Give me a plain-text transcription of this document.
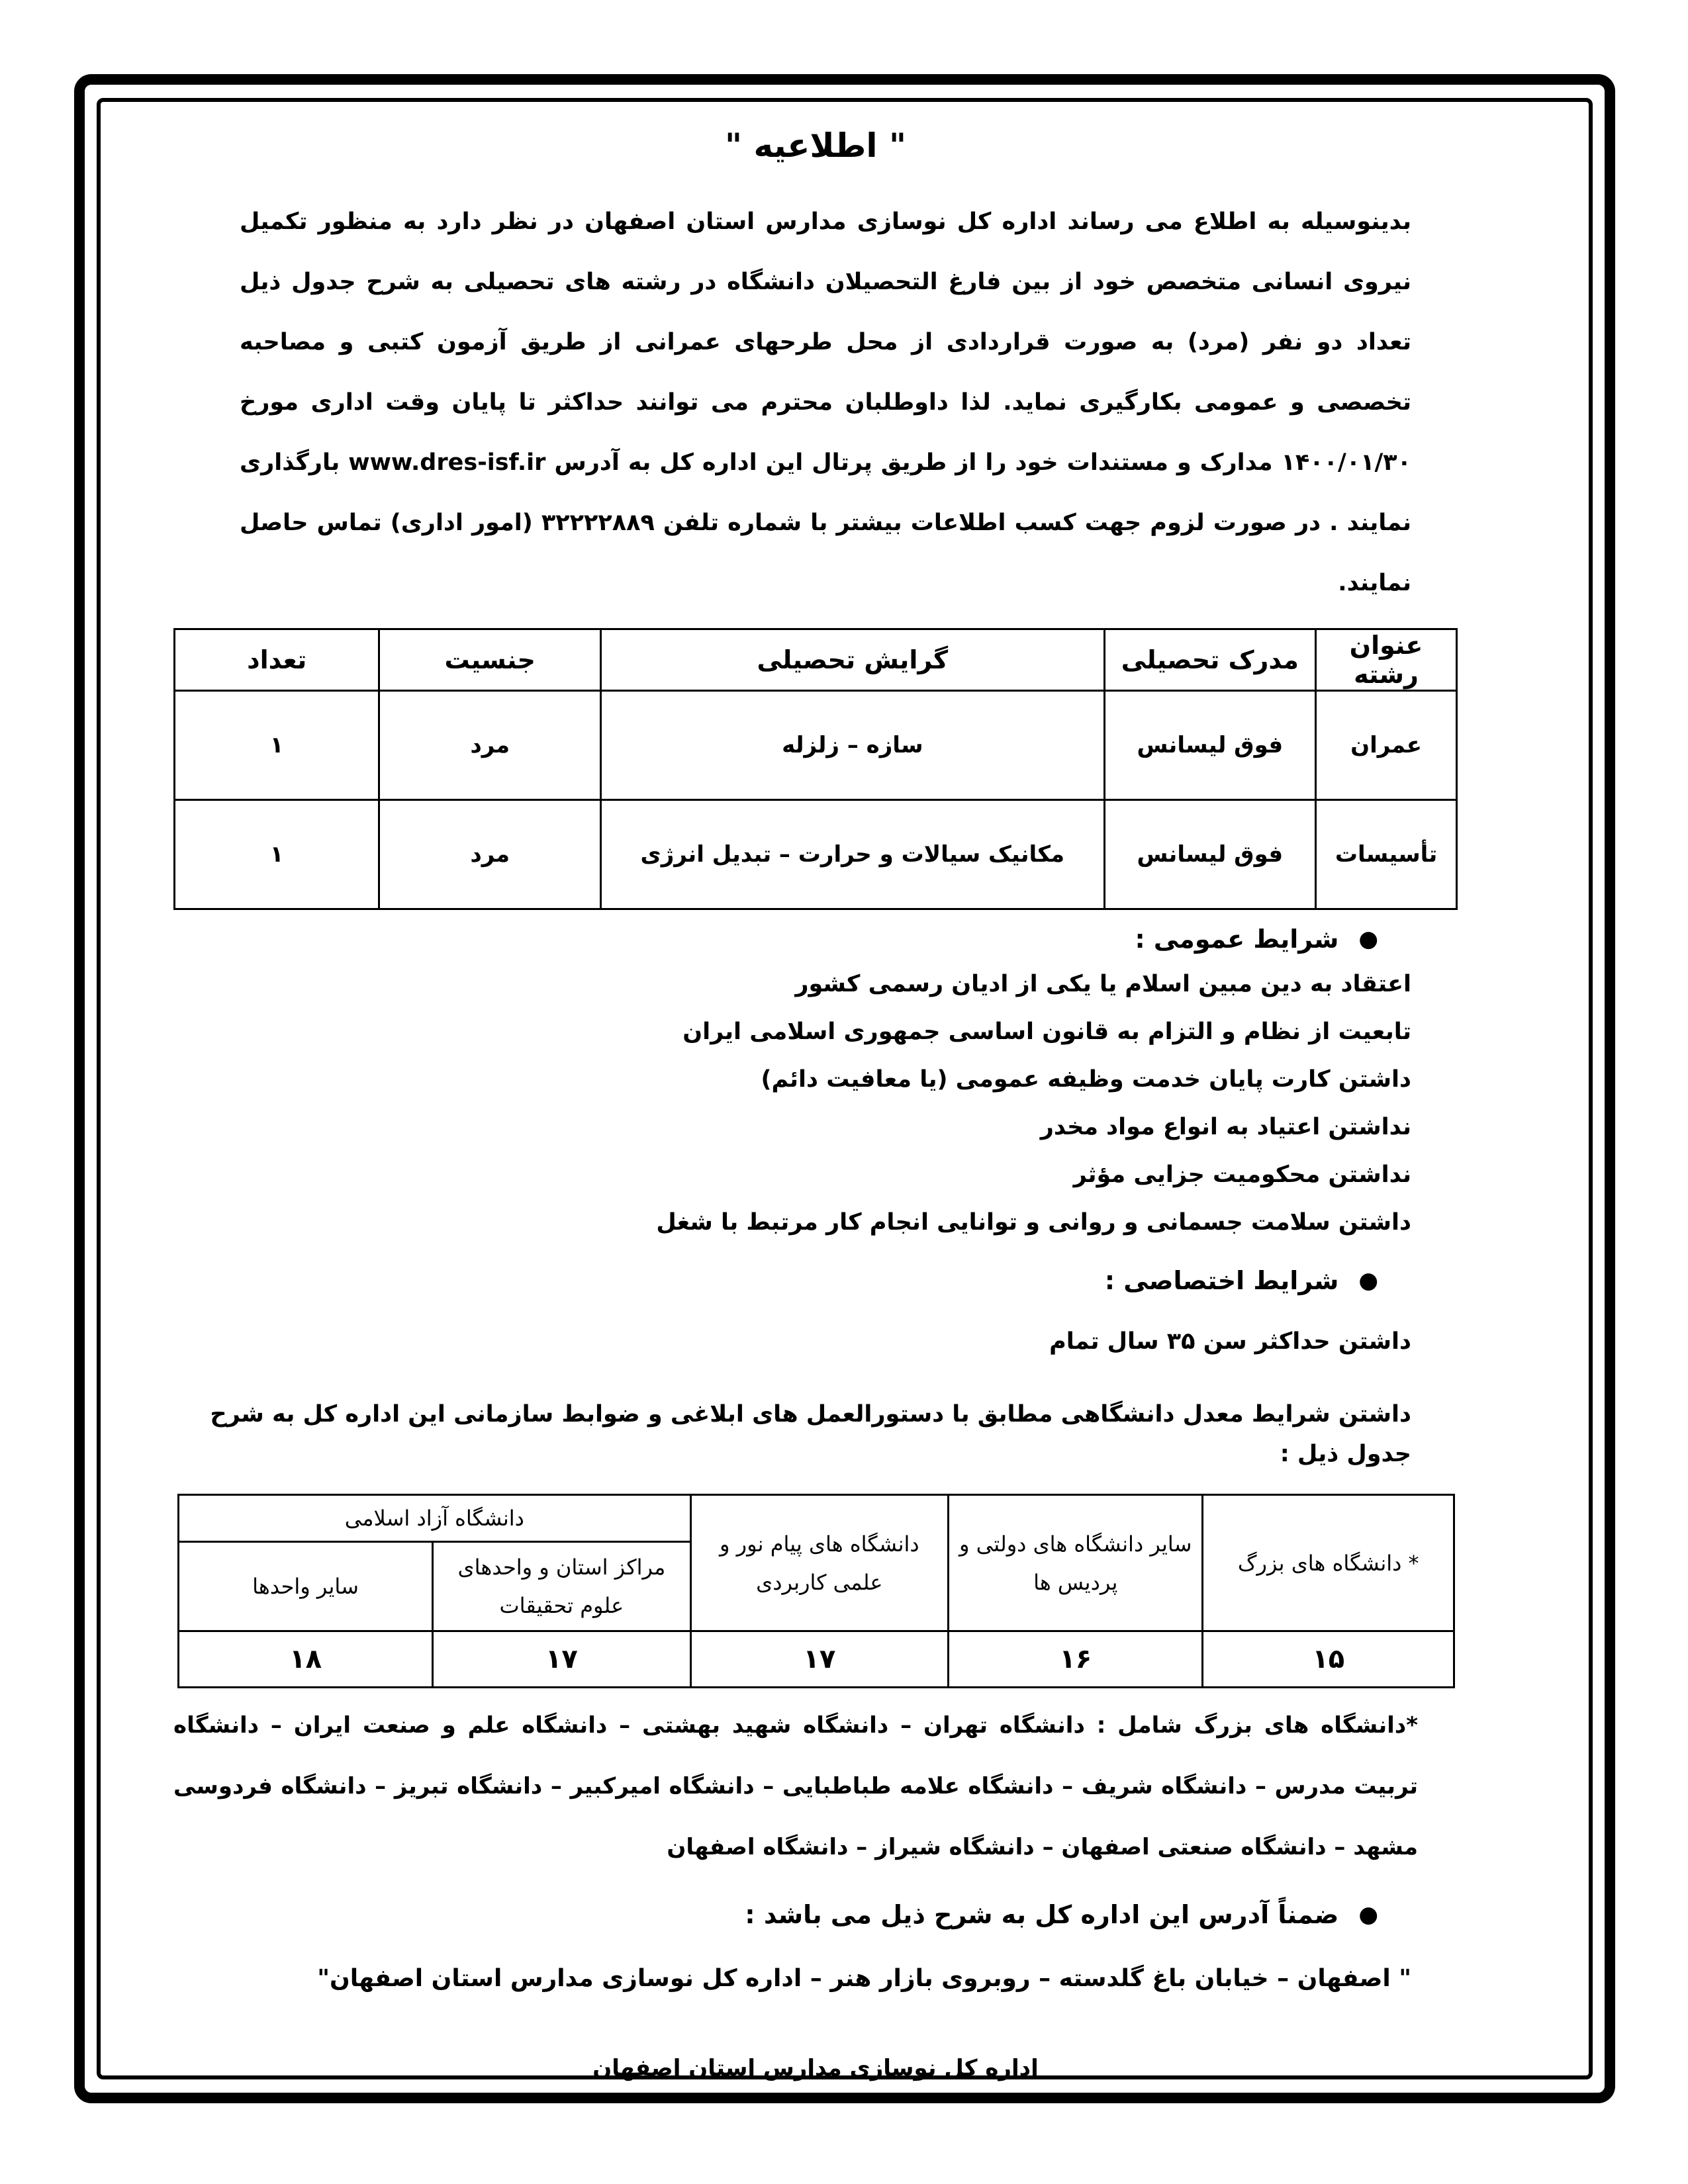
" اطلاعیه "

بدینوسیله به اطلاع می رساند اداره کل نوسازی مدارس استان اصفهان در نظر دارد به منظور تکمیل نیروی انسانی متخصص خود از بین فارغ التحصیلان دانشگاه در رشته های تحصیلی به شرح جدول ذیل تعداد دو نفر (مرد) به صورت قراردادی از محل طرحهای عمرانی از طریق آزمون کتبی و مصاحبه تخصصی و عمومی بکارگیری نماید. لذا داوطلبان محترم می توانند حداکثر تا پایان وقت اداری مورخ ۱۴۰۰/۰۱/۳۰ مدارک و مستندات خود را از طریق پرتال این اداره کل به آدرس www.dres-isf.ir بارگذاری نمایند . در صورت لزوم جهت کسب اطلاعات بیشتر با شماره تلفن ۳۲۲۲۲۸۸۹ (امور اداری) تماس حاصل نمایند.

عنوان رشته	مدرک تحصیلی	گرایش تحصیلی	جنسیت	تعداد
عمران	فوق لیسانس	سازه – زلزله	مرد	۱
تأسیسات	فوق لیسانس	مکانیک سیالات و حرارت – تبدیل انرژی	مرد	۱
●
شرایط عمومی :
اعتقاد به دین مبین اسلام یا یکی از ادیان رسمی کشور
تابعیت از نظام و التزام به قانون اساسی جمهوری اسلامی ایران
داشتن کارت پایان خدمت وظیفه عمومی (یا معافیت دائم)
نداشتن اعتیاد به انواع مواد مخدر
نداشتن محکومیت جزایی مؤثر
داشتن سلامت جسمانی و روانی و توانایی انجام کار مرتبط با شغل
●
شرایط اختصاصی :
داشتن حداکثر سن ۳۵ سال تمام
داشتن شرایط معدل دانشگاهی مطابق با دستورالعمل های ابلاغی و ضوابط سازمانی این اداره کل به شرح جدول ذیل :
* دانشگاه های بزرگ	سایر دانشگاه های دولتی و پردیس ها	دانشگاه های پیام نور و علمی کاربردی	دانشگاه آزاد اسلامی	
			مراکز استان و واحدهای علوم تحقیقات	سایر واحدها
۱۵	۱۶	۱۷	۱۷	۱۸

*دانشگاه های بزرگ شامل : دانشگاه تهران – دانشگاه شهید بهشتی – دانشگاه علم و صنعت ایران – دانشگاه تربیت مدرس – دانشگاه شریف – دانشگاه علامه طباطبایی – دانشگاه امیرکبیر – دانشگاه تبریز – دانشگاه فردوسی مشهد – دانشگاه صنعتی اصفهان – دانشگاه شیراز – دانشگاه اصفهان

●
ضمناً آدرس این اداره کل به شرح ذیل می باشد :
" اصفهان – خیابان باغ گلدسته – روبروی بازار هنر – اداره کل نوسازی مدارس استان اصفهان"
اداره کل نوسازی مدارس استان اصفهان
